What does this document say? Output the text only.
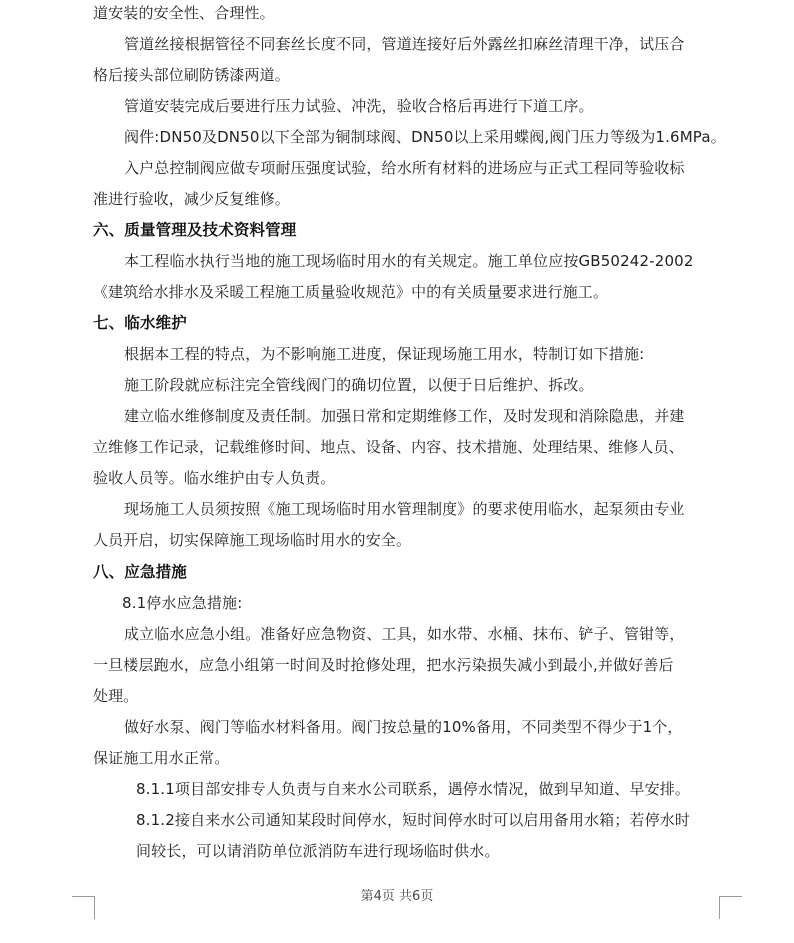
道安装的安全性、合理性。
管道丝接根据管径不同套丝长度不同，管道连接好后外露丝扣麻丝清理干净，试压合
格后接头部位刷防锈漆两道。
管道安装完成后要进行压力试验、冲洗，验收合格后再进行下道工序。
阀件:DN50及DN50以下全部为铜制球阀、DN50以上采用蝶阀,阀门压力等级为1.6MPa。
入户总控制阀应做专项耐压强度试验，给水所有材料的进场应与正式工程同等验收标
准进行验收，减少反复维修。
六、质量管理及技术资料管理
本工程临水执行当地的施工现场临时用水的有关规定。施工单位应按GB50242-2002
《建筑给水排水及采暖工程施工质量验收规范》中的有关质量要求进行施工。
七、临水维护
根据本工程的特点，为不影响施工进度，保证现场施工用水，特制订如下措施:
施工阶段就应标注完全管线阀门的确切位置，以便于日后维护、拆改。
建立临水维修制度及责任制。加强日常和定期维修工作，及时发现和消除隐患，并建
立维修工作记录，记载维修时间、地点、设备、内容、技术措施、处理结果、维修人员、
验收人员等。临水维护由专人负责。
现场施工人员须按照《施工现场临时用水管理制度》的要求使用临水，起泵须由专业
人员开启，切实保障施工现场临时用水的安全。
八、应急措施
8.1停水应急措施:
成立临水应急小组。准备好应急物资、工具，如水带、水桶、抹布、铲子、管钳等，
一旦楼层跑水，应急小组第一时间及时抢修处理，把水污染损失减小到最小,并做好善后
处理。
做好水泵、阀门等临水材料备用。阀门按总量的10%备用，不同类型不得少于1个，
保证施工用水正常。
8.1.1项目部安排专人负责与自来水公司联系，遇停水情况，做到早知道、早安排。
8.1.2接自来水公司通知某段时间停水，短时间停水时可以启用备用水箱；若停水时
间较长，可以请消防单位派消防车进行现场临时供水。
第4页 共6页
